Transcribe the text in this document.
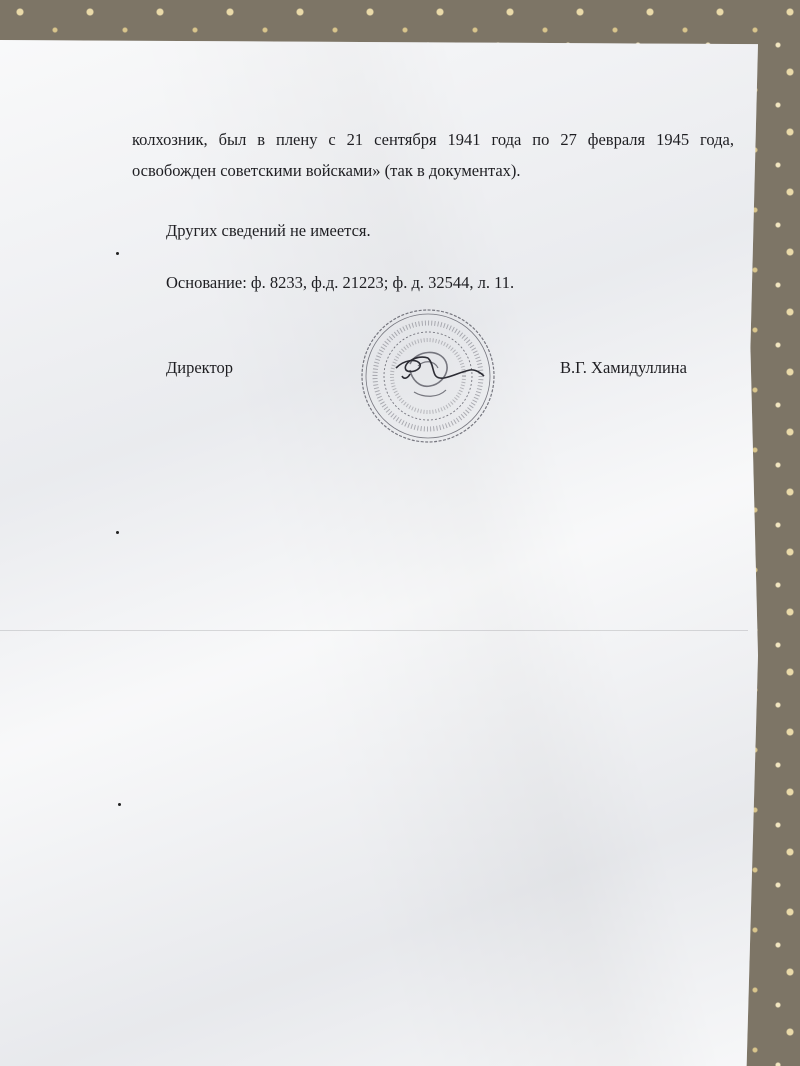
колхозник, был в плену с 21 сентября 1941 года по 27 февраля 1945 года,

освобожден советскими войсками» (так в документах).

Других сведений не имеется.

Основание: ф. 8233, ф.д. 21223; ф. д. 32544, л. 11.

Директор	В.Г. Хамидуллина
